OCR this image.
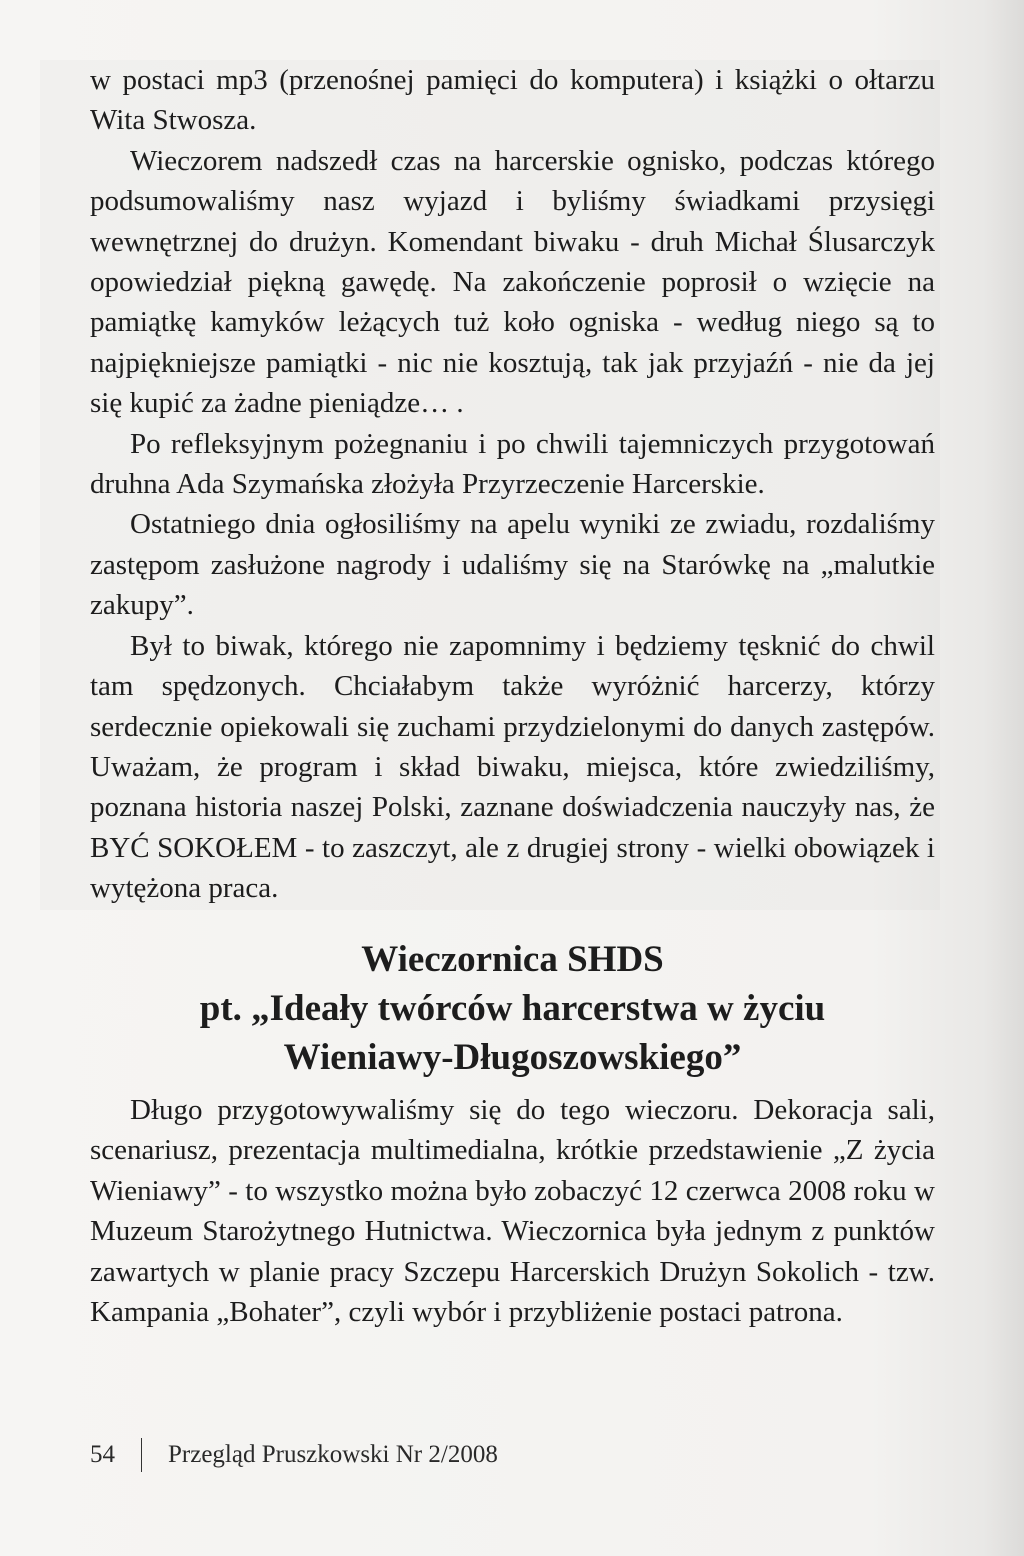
w postaci mp3 (przenośnej pamięci do komputera) i książki o ołtarzu Wita Stwosza.

Wieczorem nadszedł czas na harcerskie ognisko, podczas którego podsumowaliśmy nasz wyjazd i byliśmy świadkami przysięgi wewnętrznej do drużyn. Komendant biwaku - druh Michał Ślusarczyk opowiedział piękną gawędę. Na zakończenie poprosił o wzięcie na pamiątkę kamyków leżących tuż koło ogniska - według niego są to najpiękniejsze pamiątki - nic nie kosztują, tak jak przyjaźń - nie da jej się kupić za żadne pieniądze… .

Po refleksyjnym pożegnaniu i po chwili tajemniczych przygotowań druhna Ada Szymańska złożyła Przyrzeczenie Harcerskie.

Ostatniego dnia ogłosiliśmy na apelu wyniki ze zwiadu, rozdaliśmy zastępom zasłużone nagrody i udaliśmy się na Starówkę na „malutkie zakupy”.

Był to biwak, którego nie zapomnimy i będziemy tęsknić do chwil tam spędzonych. Chciałabym także wyróżnić harcerzy, którzy serdecznie opiekowali się zuchami przydzielonymi do danych zastępów. Uważam, że program i skład biwaku, miejsca, które zwiedziliśmy, poznana historia naszej Polski, zaznane doświadczenia nauczyły nas, że BYĆ SOKOŁEM - to zaszczyt, ale z drugiej strony - wielki obowiązek i wytężona praca.

Wieczornica SHDS
pt. „Ideały twórców harcerstwa w życiu
Wieniawy-Długoszowskiego”

Długo przygotowywaliśmy się do tego wieczoru. Dekoracja sali, scenariusz, prezentacja multimedialna, krótkie przedstawienie „Z życia Wieniawy” - to wszystko można było zobaczyć 12 czerwca 2008 roku w Muzeum Starożytnego Hutnictwa. Wieczornica była jednym z punktów zawartych w planie pracy Szczepu Harcerskich Drużyn Sokolich - tzw. Kampania „Bohater”, czyli wybór i przybliżenie postaci patrona.

54 Przegląd Pruszkowski Nr 2/2008
